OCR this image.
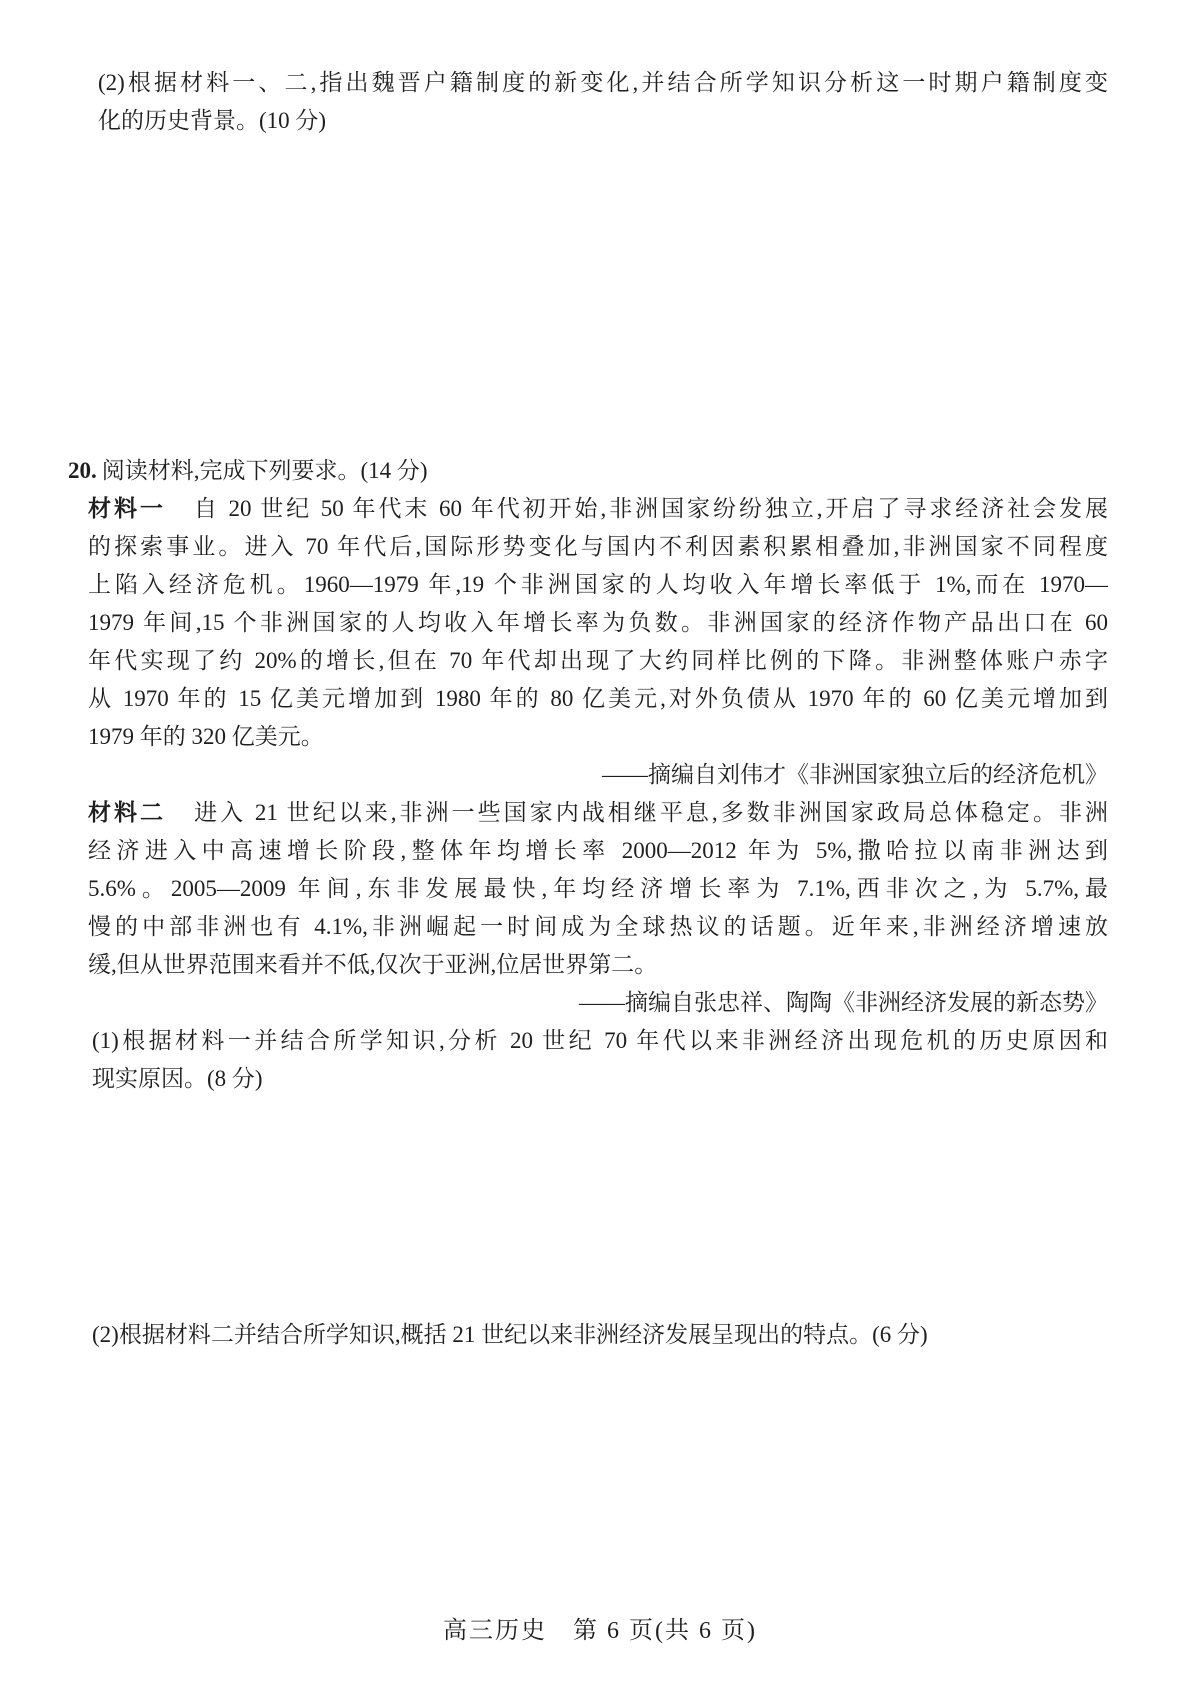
(2)根据材料一、二,指出魏晋户籍制度的新变化,并结合所学知识分析这一时期户籍制度变
化的历史背景。(10 分)
20. 阅读材料,完成下列要求。(14 分)
材料一 自 20 世纪 50 年代末 60 年代初开始,非洲国家纷纷独立,开启了寻求经济社会发展
的探索事业。进入 70 年代后,国际形势变化与国内不利因素积累相叠加,非洲国家不同程度
上陷入经济危机。1960—1979 年,19 个非洲国家的人均收入年增长率低于 1%,而在 1970—
1979 年间,15 个非洲国家的人均收入年增长率为负数。非洲国家的经济作物产品出口在 60
年代实现了约 20%的增长,但在 70 年代却出现了大约同样比例的下降。非洲整体账户赤字
从 1970 年的 15 亿美元增加到 1980 年的 80 亿美元,对外负债从 1970 年的 60 亿美元增加到
1979 年的 320 亿美元。
——摘编自刘伟才《非洲国家独立后的经济危机》
材料二 进入 21 世纪以来,非洲一些国家内战相继平息,多数非洲国家政局总体稳定。非洲
经济进入中高速增长阶段,整体年均增长率 2000—2012 年为 5%,撒哈拉以南非洲达到
5.6%。2005—2009 年间,东非发展最快,年均经济增长率为 7.1%,西非次之,为 5.7%,最
慢的中部非洲也有 4.1%,非洲崛起一时间成为全球热议的话题。近年来,非洲经济增速放
缓,但从世界范围来看并不低,仅次于亚洲,位居世界第二。
——摘编自张忠祥、陶陶《非洲经济发展的新态势》
(1)根据材料一并结合所学知识,分析 20 世纪 70 年代以来非洲经济出现危机的历史原因和
现实原因。(8 分)
(2)根据材料二并结合所学知识,概括 21 世纪以来非洲经济发展呈现出的特点。(6 分)
高三历史　第 6 页(共 6 页)
